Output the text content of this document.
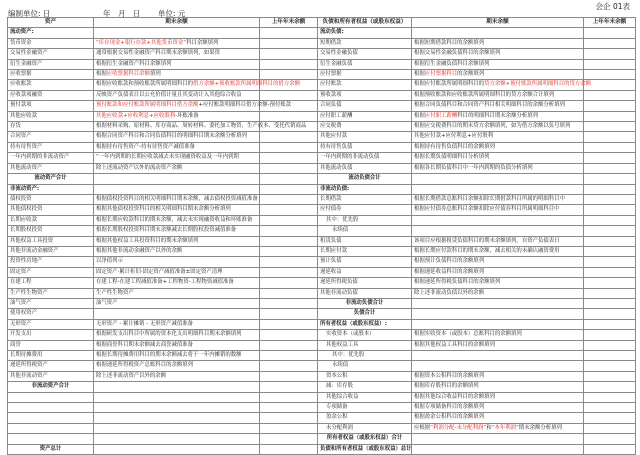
编制单位: 日	____年__月__日 单位: 元
会企 01表
资产	期末余额	上年年末余额	负债和所有者权益（或股东权益）	期末余额	上年年末余额
流动资产:			流动负债:		
货币资金	“库存现金+银行存款+其他货币资金”科目余额填列		短期借款	根据短期借款科目的余额填列	
交易性金融资产	通常根据交易性金融资产科目期末余额填列，如果资		交易性金融负债	根据交易性金融负债科目的余额填列	
衍生金融资产	根据衍生金融资产科目余额填列		衍生金融负债	根据衍生金融负债科目余额填列	
应收票据	根据应收票据科目余额填列		应付票据	根据应付票据科目的余额填列	
应收账款	根据应收账款和预收账款所属明细科目的借方余额+预收账款所属明细科目的借方余额		应付账款	根据应付账款所属明细科目的贷方余额+预付账款所属明细科目的贷方余额	
应收款项融资	反映资产负债表日以公允价值计量且其变动计入其他综合收益		预收款项	根据预收账款和应收账款所属明细科目的贷方余额合计填列	
预付款项	预付账款和应付账款所属明细科目借方余额+应付账款明细科目借方余额-预付账款		合同负债	根据合同负债科目和合同资产科目相关明细科目的余额分析填列	
其他应收款	其他应收款+应收利息+应收股利-坏账准备		应付职工薪酬	根据应付职工薪酬科目的明细科目期末余额分析填列	
存货	根据材料采购、原材料、库存商品、周转材料、委托加工物资、生产成本、受托代销商品		应交税费	根据应交税费科目的期末贷方余额填列，如为借方余额以负号填列	
合同资产	根据合同资产科目和合同负债科目的明细科目期末余额分析填列		其他应付款	其他应付款+应付利息+应付股利	
持有待售资产	根据持有待售资产-持有待售资产减值准备		持有待售负债	根据持有待售负债科目的余额填列	
一年内到期的非流动资产	“一年内到期的长期应收款减去未实现融资收益及一年内到期		一年内到期的非流动负债	根据长期负债明细科目分析填列	
其他流动资产	除上述流动资产以外的流动资产余额		其他流动负债	根据各长期负债科目中一年内到期的负债分析填列	
流动资产合计			流动负债合计		
非流动资产:			非流动负债:		
债权投资	根据债权投资科目的相关明细科目期末余额，减去债权投资减值准备		长期借款	根据长期借款总账科目余额扣除长期借款科目所属的明细科目中	
其他债权投资	根据其他债权投资科目的相关明细科目期末余额分析填列		应付债券	根据应付债券总账科目余额扣除应付债券科目所属明细科目中	
长期应收款	根据长期应收款科目的期末余额，减去未实现融资收益和坏账准备		其中：优先股		
长期股权投资	根据长期股权投资科目期末余额减去长期股权投资减值准备		永续债		
其他权益工具投资	根据其他权益工具投资科目的期末余额填列		租赁负债	该项目应根据租赁负债科目的期末余额填列。自资产负债表日	
其他非流动金融资产	根据其他非流动金融资产以外的余额		长期应付款	根据长期应付款科目的期末余额，减去相关的未确认融资费用	
投资性房地产	以净值列示		预计负债	根据预计负债科目的余额填列	
固定资产	固定资产·累计折旧·固定资产减值准备±固定资产清理		递延收益	根据递延收益科目的余额填列	
在建工程	在建工程-在建工程减值准备+工程物资-工程物资减值准备		递延所得税负债	根据递延所得税负债科目的余额填列	
生产性生物资产	生产性生物资产		其他非流动负债	除上述非流动负债以外的余额	
油气资产	油气资产		非流动负债合计		
使用权资产			负债合计		
无形资产	无形资产 - 累计摊销 - 无形资产减值准备		所有者权益（或股东权益）:		
开发支出	根据研发支出科目中所属的资本化支出明细科目期末余额填列		实收资本（或股本）	根据实收资本（或股本）总账科目的余额填列	
商誉	根据商誉科目期末余额减去商誉减值准备		其他权益工具	根据其他权益工具科目的余额填列	
长期待摊费用	根据长期待摊费用科目的期末余额减去将于一年内摊销的数额		其中：优先股		
递延所得税资产	根据递延所得税资产总账科目的余额填列		永续债		
其他非流动资产	除上述非流动资产以外的余额		资本公积	根据资本公积科目的余额填列	
非流动资产合计			减：库存股	根据库存股科目的余额填列	
			其他综合收益	根据其他综合收益科目的余额填列	
			专项储备	根据专项储备科目的余额填列	
			盈余公积	根据盈余公积科目的余额填列	
			未分配利润	应根据“利润分配-未分配利润”和“本年利润”期末余额分析填列	
			所有者权益（或股东权益）合计		
资产总计			负债和所有者权益（或股东权益）总计		
